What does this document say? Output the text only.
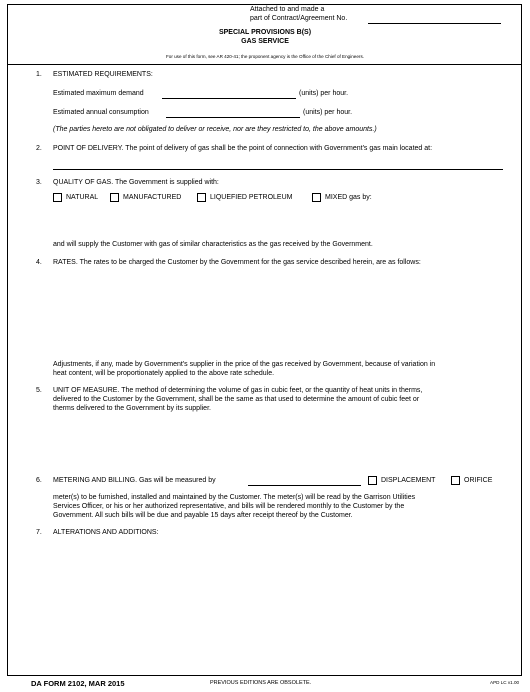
Attached to and made a
part of Contract/Agreement No.
SPECIAL PROVISIONS B(S)
GAS SERVICE
For use of this form, see AR 420-41; the proponent agency is the Office of the Chief of Engineers.
1. ESTIMATED REQUIREMENTS:
Estimated maximum demand	(units) per hour.
Estimated annual consumption	(units) per hour.
(The parties hereto are not obligated to deliver or receive, nor are they restricted to, the above amounts.)
2. POINT OF DELIVERY. The point of delivery of gas shall be the point of connection with Government's gas main located at:
3. QUALITY OF GAS. The Government is supplied with:
NATURAL	MANUFACTURED	LIQUEFIED PETROLEUM	MIXED gas by:
and will supply the Customer with gas of similar characteristics as the gas received by the Government.
4. RATES. The rates to be charged the Customer by the Government for the gas service described herein, are as follows:
Adjustments, if any, made by Government's supplier in the price of the gas received by Government, because of variation in
heat content, will be proportionately applied to the above rate schedule.
5. UNIT OF MEASURE. The method of determining the volume of gas in cubic feet, or the quantity of heat units in therms,
delivered to the Customer by the Government, shall be the same as that used to determine the amount of cubic feet or
therms delivered to the Government by its supplier.
6. METERING AND BILLING. Gas will be measured by	DISPLACEMENT	ORIFICE
meter(s) to be furnished, installed and maintained by the Customer. The meter(s) will be read by the Garrison Utilities
Services Officer, or his or her authorized representative, and bills will be rendered monthly to the Customer by the
Government. All such bills will be due and payable 15 days after receipt thereof by the Customer.
7. ALTERATIONS AND ADDITIONS:
DA FORM 2102, MAR 2015	PREVIOUS EDITIONS ARE OBSOLETE.	APD LC v1.00
